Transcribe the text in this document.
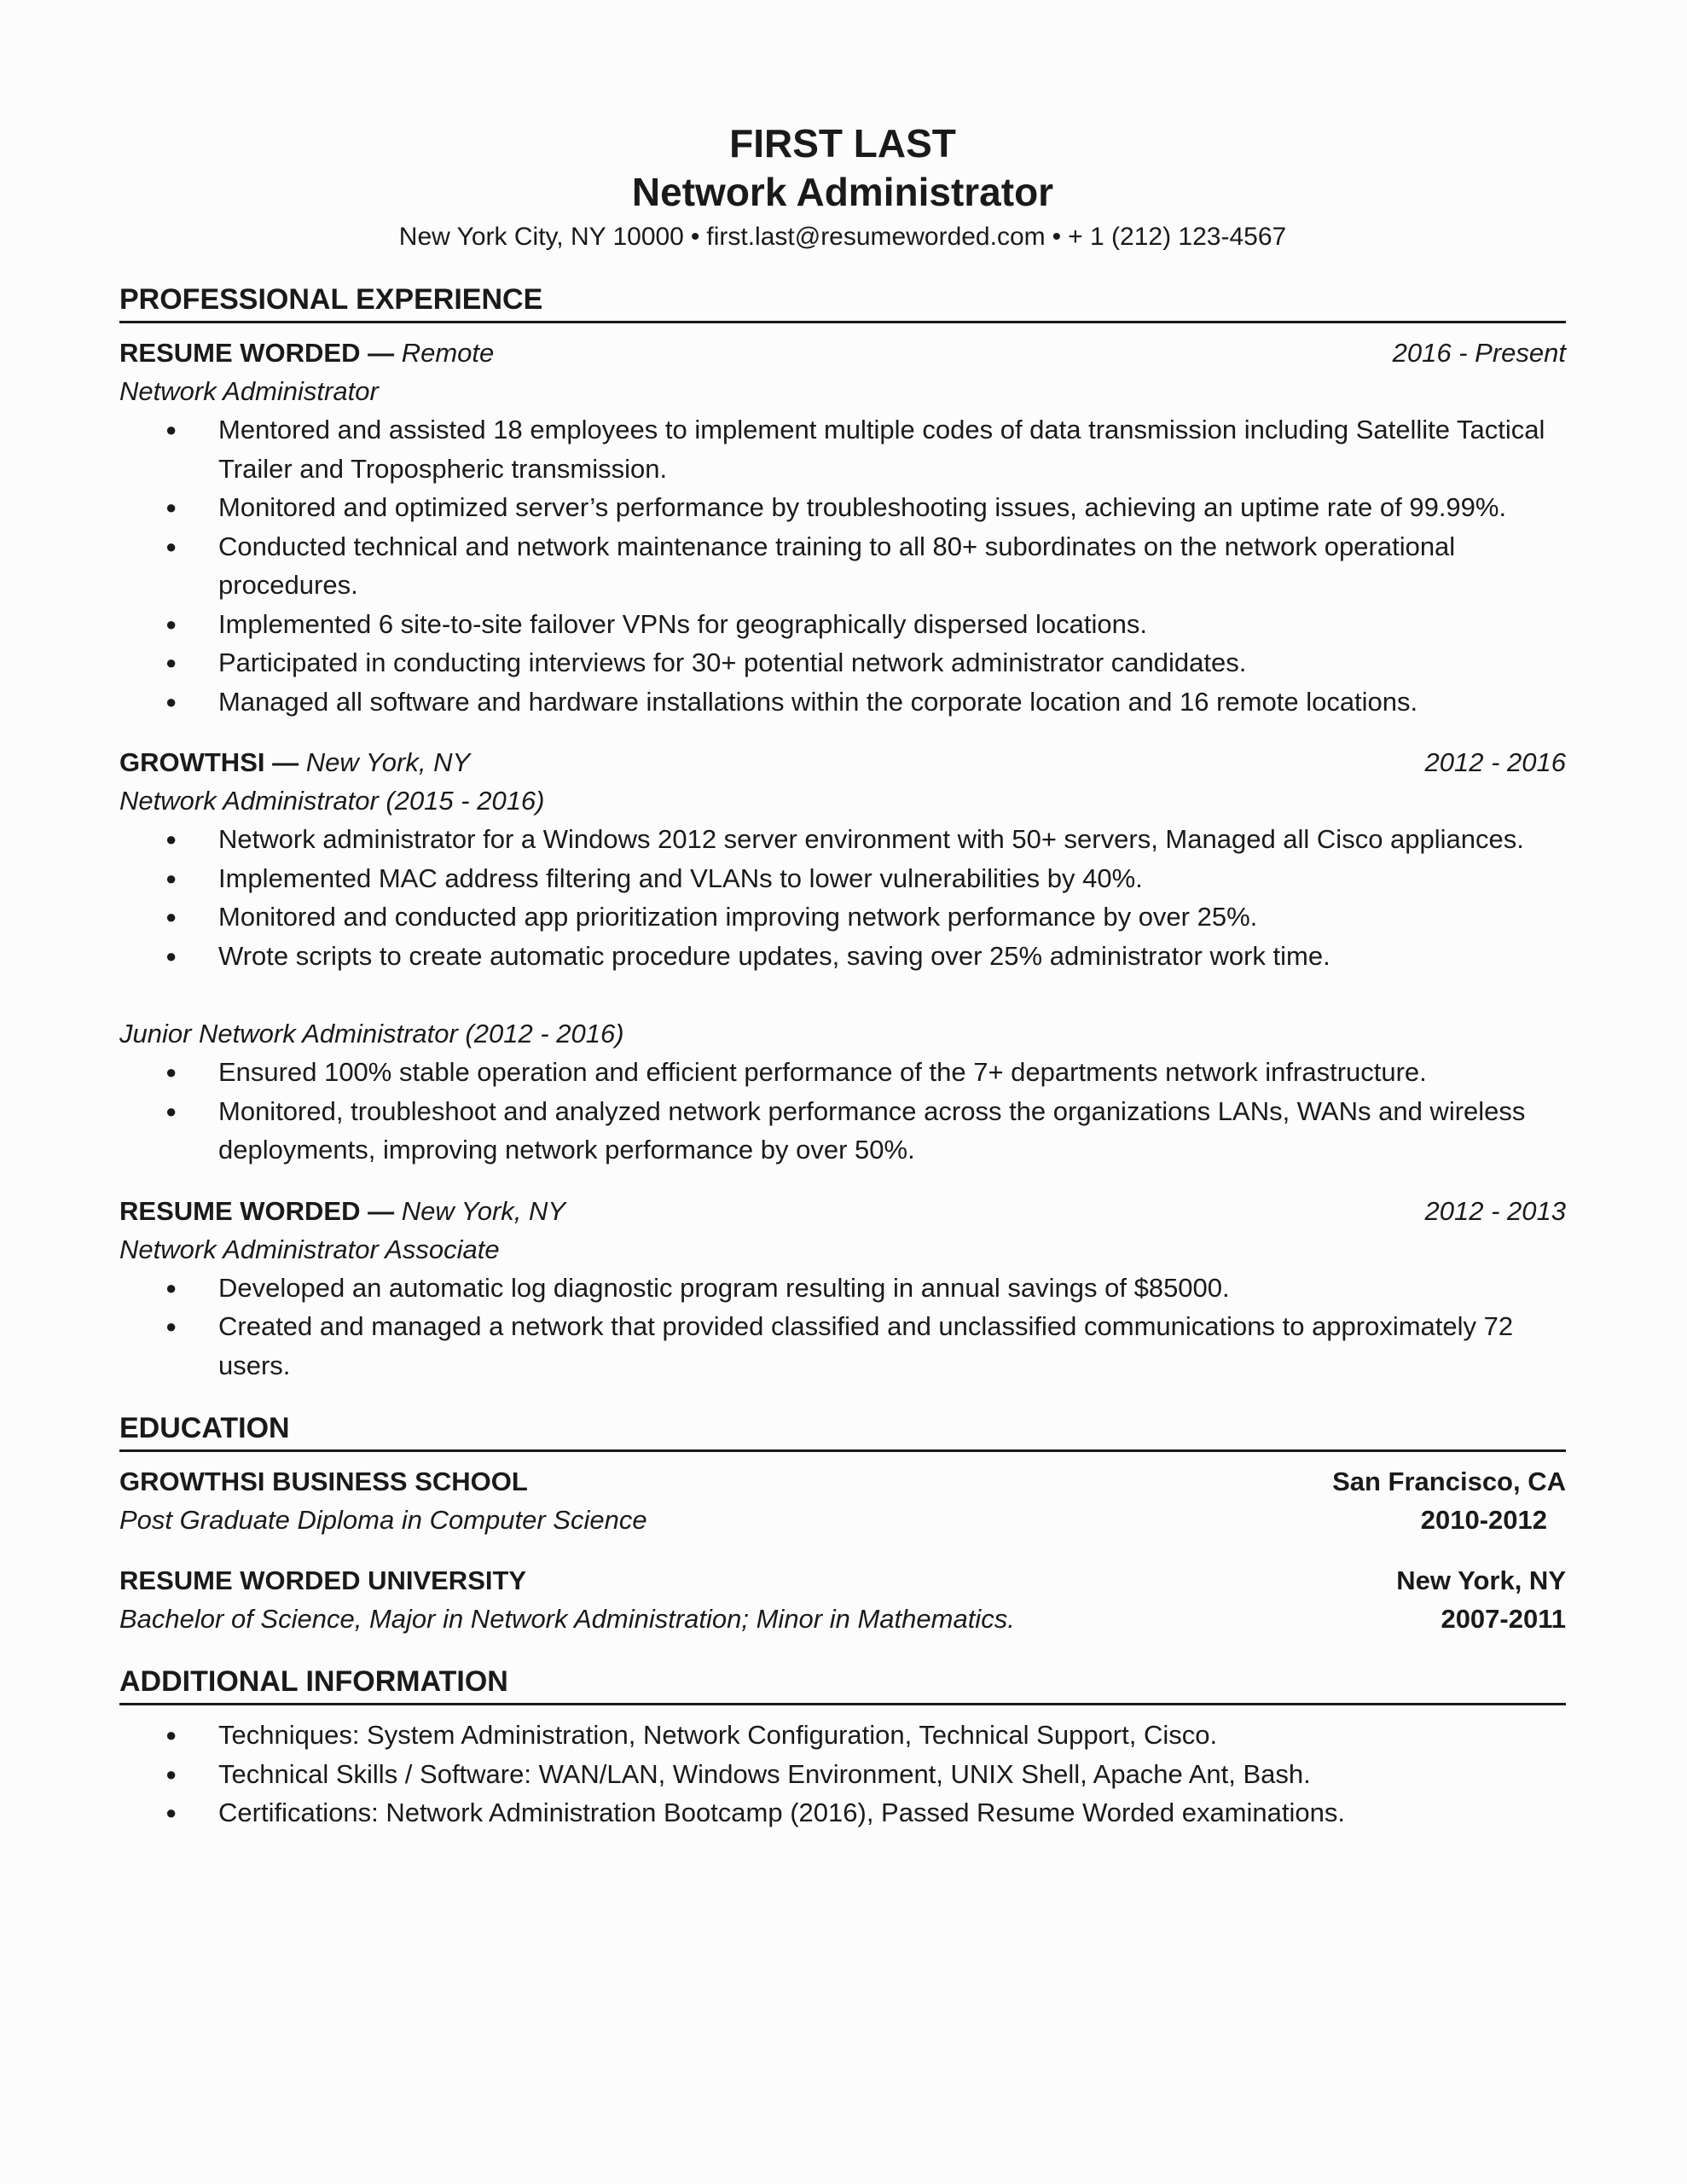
FIRST LAST
Network Administrator
New York City, NY 10000 • first.last@resumeworded.com • + 1 (212) 123-4567
PROFESSIONAL EXPERIENCE
RESUME WORDED — Remote	2016 - Present
Network Administrator
● Mentored and assisted 18 employees to implement multiple codes of data transmission including Satellite Tactical Trailer and Tropospheric transmission.
● Monitored and optimized server’s performance by troubleshooting issues, achieving an uptime rate of 99.99%.
● Conducted technical and network maintenance training to all 80+ subordinates on the network operational procedures.
● Implemented 6 site-to-site failover VPNs for geographically dispersed locations.
● Participated in conducting interviews for 30+ potential network administrator candidates.
● Managed all software and hardware installations within the corporate location and 16 remote locations.
GROWTHSI — New York, NY	2012 - 2016
Network Administrator (2015 - 2016)
● Network administrator for a Windows 2012 server environment with 50+ servers, Managed all Cisco appliances.
● Implemented MAC address filtering and VLANs to lower vulnerabilities by 40%.
● Monitored and conducted app prioritization improving network performance by over 25%.
● Wrote scripts to create automatic procedure updates, saving over 25% administrator work time.
Junior Network Administrator (2012 - 2016)
● Ensured 100% stable operation and efficient performance of the 7+ departments network infrastructure.
● Monitored, troubleshoot and analyzed network performance across the organizations LANs, WANs and wireless deployments, improving network performance by over 50%.
RESUME WORDED — New York, NY	2012 - 2013
Network Administrator Associate
● Developed an automatic log diagnostic program resulting in annual savings of $85000.
● Created and managed a network that provided classified and unclassified communications to approximately 72 users.
EDUCATION
GROWTHSI BUSINESS SCHOOL	San Francisco, CA
Post Graduate Diploma in Computer Science	2010-2012
RESUME WORDED UNIVERSITY	New York, NY
Bachelor of Science, Major in Network Administration; Minor in Mathematics.	2007-2011
ADDITIONAL INFORMATION
● Techniques: System Administration, Network Configuration, Technical Support, Cisco.
● Technical Skills / Software: WAN/LAN, Windows Environment, UNIX Shell, Apache Ant, Bash.
● Certifications: Network Administration Bootcamp (2016), Passed Resume Worded examinations.
